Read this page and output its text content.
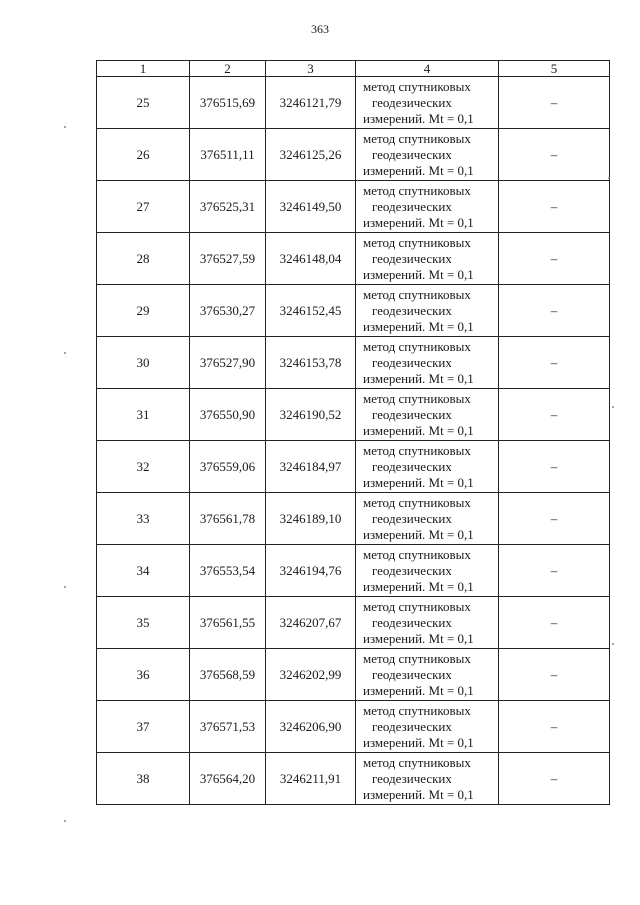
363
1	2	3	4	5
25	376515,69	3246121,79	метод спутниковых
геодезических
измерений. Mt = 0,1	–
26	376511,11	3246125,26	метод спутниковых
геодезических
измерений. Mt = 0,1	–
27	376525,31	3246149,50	метод спутниковых
геодезических
измерений. Mt = 0,1	–
28	376527,59	3246148,04	метод спутниковых
геодезических
измерений. Mt = 0,1	–
29	376530,27	3246152,45	метод спутниковых
геодезических
измерений. Mt = 0,1	–
30	376527,90	3246153,78	метод спутниковых
геодезических
измерений. Mt = 0,1	–
31	376550,90	3246190,52	метод спутниковых
геодезических
измерений. Mt = 0,1	–
32	376559,06	3246184,97	метод спутниковых
геодезических
измерений. Mt = 0,1	–
33	376561,78	3246189,10	метод спутниковых
геодезических
измерений. Mt = 0,1	–
34	376553,54	3246194,76	метод спутниковых
геодезических
измерений. Mt = 0,1	–
35	376561,55	3246207,67	метод спутниковых
геодезических
измерений. Mt = 0,1	–
36	376568,59	3246202,99	метод спутниковых
геодезических
измерений. Mt = 0,1	–
37	376571,53	3246206,90	метод спутниковых
геодезических
измерений. Mt = 0,1	–
38	376564,20	3246211,91	метод спутниковых
геодезических
измерений. Mt = 0,1	–
